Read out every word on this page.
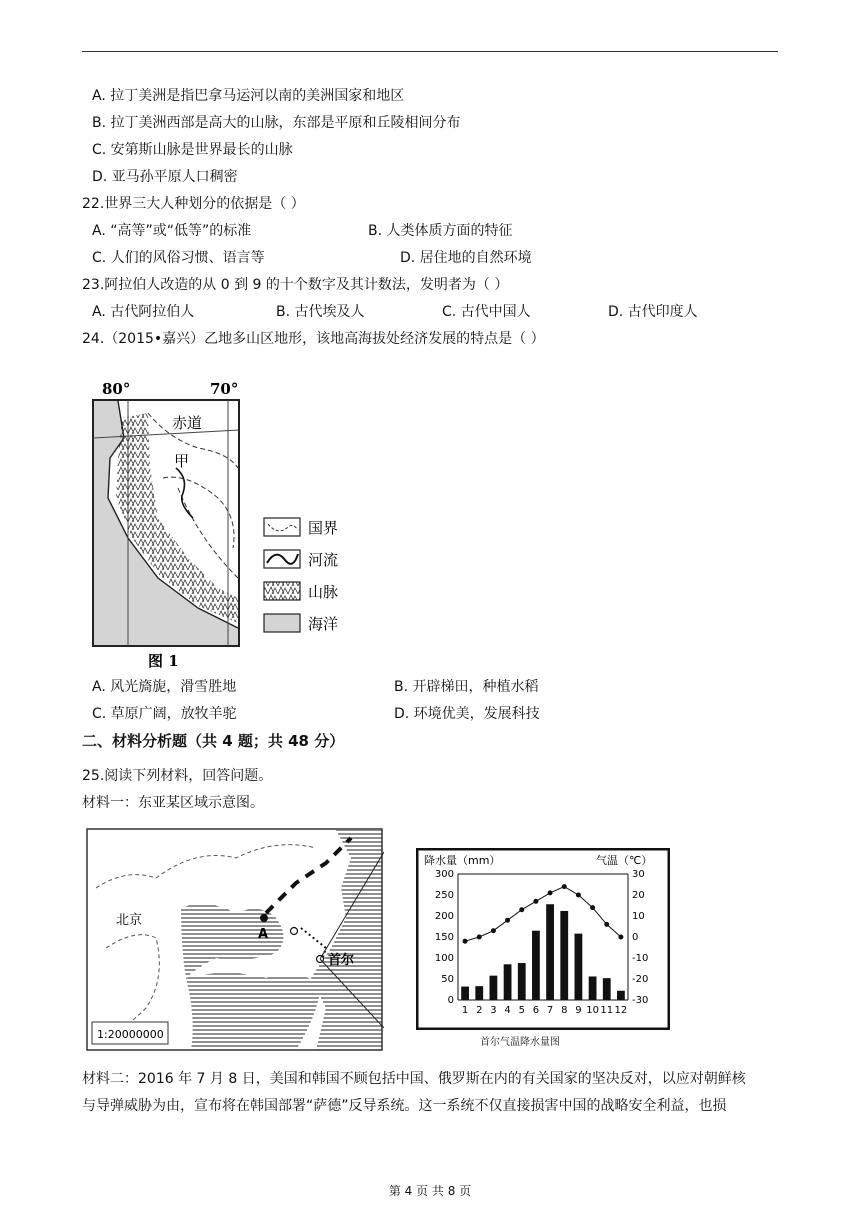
A. 拉丁美洲是指巴拿马运河以南的美洲国家和地区
B. 拉丁美洲西部是高大的山脉，东部是平原和丘陵相间分布
C. 安第斯山脉是世界最长的山脉
D. 亚马孙平原人口稠密
22.世界三大人种划分的依据是（ ）
A. “高等”或“低等”的标准	B. 人类体质方面的特征
C. 人们的风俗习惯、语言等	D. 居住地的自然环境
23.阿拉伯人改造的从 0 到 9 的十个数字及其计数法，发明者为（ ）
A. 古代阿拉伯人	B. 古代埃及人	C. 古代中国人	D. 古代印度人
24.（2015•嘉兴）乙地多山区地形，该地高海拔处经济发展的特点是（ ）
80°	70°
赤道
甲
图 1
国界
河流
山脉
海洋
A. 风光旖旎，滑雪胜地	B. 开辟梯田，种植水稻
C. 草原广阔，放牧羊驼	D. 环境优美，发展科技
二、材料分析题（共 4 题；共 48 分）
25.阅读下列材料，回答问题。
材料一：东亚某区域示意图。
北京
A
首尔
1:20000000
降水量（mm）	气温（℃）
0
50
100
150
200
250
300
-30
-20
-10
0
10
20
30
1 2 3 4 5 6 7 8 9 10 11 12
首尔气温降水量图
材料二：2016 年 7 月 8 日，美国和韩国不顾包括中国、俄罗斯在内的有关国家的坚决反对，以应对朝鲜核
与导弹威胁为由，宣布将在韩国部署“萨德”反导系统。这一系统不仅直接损害中国的战略安全利益，也损
第 4 页 共 8 页
